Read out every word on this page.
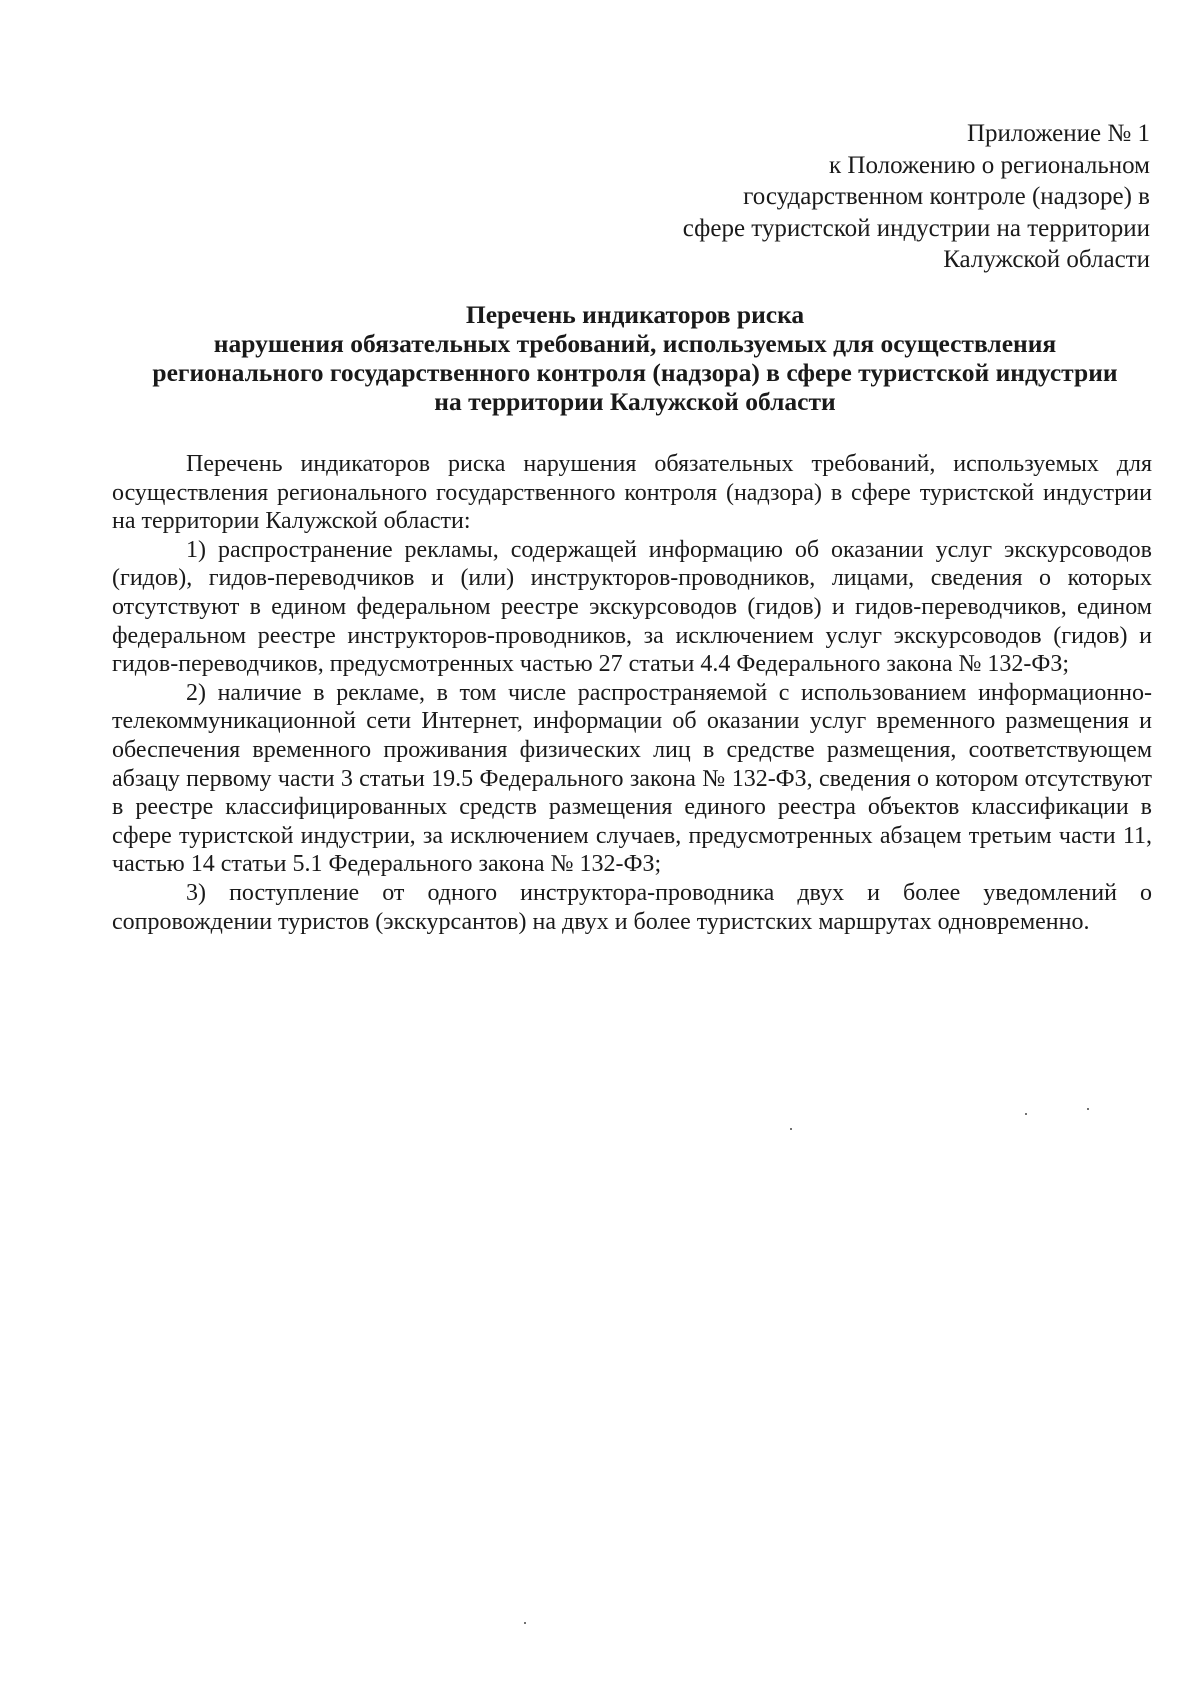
Приложение № 1
к Положению о региональном
государственном контроле (надзоре) в
сфере туристской индустрии на территории
Калужской области
Перечень индикаторов риска
нарушения обязательных требований, используемых для осуществления
регионального государственного контроля (надзора) в сфере туристской индустрии
на территории Калужской области

Перечень индикаторов риска нарушения обязательных требований, используемых для осуществления регионального государственного контроля (надзора) в сфере туристской индустрии на территории Калужской области:

1) распространение рекламы, содержащей информацию об оказании услуг экскурсоводов (гидов), гидов-переводчиков и (или) инструкторов-проводников, лицами, сведения о которых отсутствуют в едином федеральном реестре экскурсоводов (гидов) и гидов-переводчиков, едином федеральном реестре инструкторов-проводников, за исключением услуг экскурсоводов (гидов) и гидов-переводчиков, предусмотренных частью 27 статьи 4.4 Федерального закона № 132-ФЗ;

2) наличие в рекламе, в том числе распространяемой с использованием информационно-телекоммуникационной сети Интернет, информации об оказании услуг временного размещения и обеспечения временного проживания физических лиц в средстве размещения, соответствующем абзацу первому части 3 статьи 19.5 Федерального закона № 132-ФЗ, сведения о котором отсутствуют в реестре классифицированных средств размещения единого реестра объектов классификации в сфере туристской индустрии, за исключением случаев, предусмотренных абзацем третьим части 11, частью 14 статьи 5.1 Федерального закона № 132-ФЗ;

3) поступление от одного инструктора-проводника двух и более уведомлений о сопровождении туристов (экскурсантов) на двух и более туристских маршрутах одновременно.
